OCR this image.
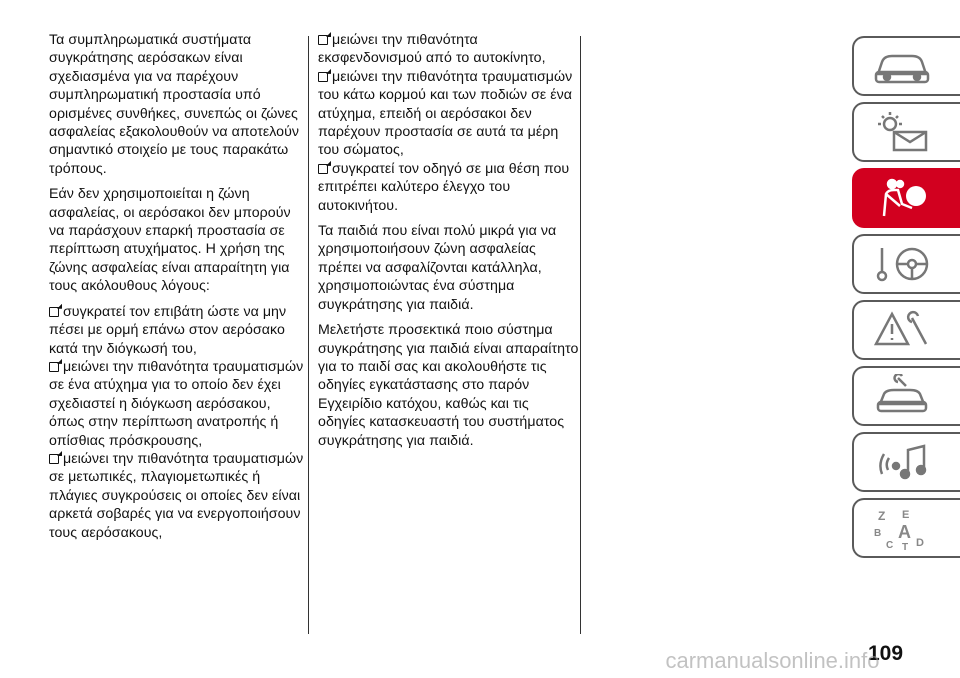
Τα συμπληρωματικά συστήματα συγκράτησης αερόσακων είναι σχεδιασμένα για να παρέχουν συμπληρωματική προστασία υπό ορισμένες συνθήκες, συνεπώς οι ζώνες ασφαλείας εξακολουθούν να αποτελούν σημαντικό στοιχείο με τους παρακάτω τρόπους.

Εάν δεν χρησιμοποιείται η ζώνη ασφαλείας, οι αερόσακοι δεν μπορούν να παράσχουν επαρκή προστασία σε περίπτωση ατυχήματος. Η χρήση της ζώνης ασφαλείας είναι απαραίτητη για τους ακόλουθους λόγους:

συγκρατεί τον επιβάτη ώστε να μην πέσει με ορμή επάνω στον αερόσακο κατά την διόγκωσή του,

μειώνει την πιθανότητα τραυματισμών σε ένα ατύχημα για το οποίο δεν έχει σχεδιαστεί η διόγκωση αερόσακου, όπως στην περίπτωση ανατροπής ή οπίσθιας πρόσκρουσης,

μειώνει την πιθανότητα τραυματισμών σε μετωπικές, πλαγιομετωπικές ή πλάγιες συγκρούσεις οι οποίες δεν είναι αρκετά σοβαρές για να ενεργοποιήσουν τους αερόσακους,

μειώνει την πιθανότητα εκσφενδονισμού από το αυτοκίνητο,

μειώνει την πιθανότητα τραυματισμών του κάτω κορμού και των ποδιών σε ένα ατύχημα, επειδή οι αερόσακοι δεν παρέχουν προστασία σε αυτά τα μέρη του σώματος,

συγκρατεί τον οδηγό σε μια θέση που επιτρέπει καλύτερο έλεγχο του αυτοκινήτου.

Τα παιδιά που είναι πολύ μικρά για να χρησιμοποιήσουν ζώνη ασφαλείας πρέπει να ασφαλίζονται κατάλληλα, χρησιμοποιώντας ένα σύστημα συγκράτησης για παιδιά.

Μελετήστε προσεκτικά ποιο σύστημα συγκράτησης για παιδιά είναι απαραίτητο για το παιδί σας και ακολουθήστε τις οδηγίες εγκατάστασης στο παρόν Εγχειρίδιο κατόχου, καθώς και τις οδηγίες κατασκευαστή του συστήματος συγκράτησης για παιδιά.

Z E
B A
C T D
109
carmanualsonline.info
